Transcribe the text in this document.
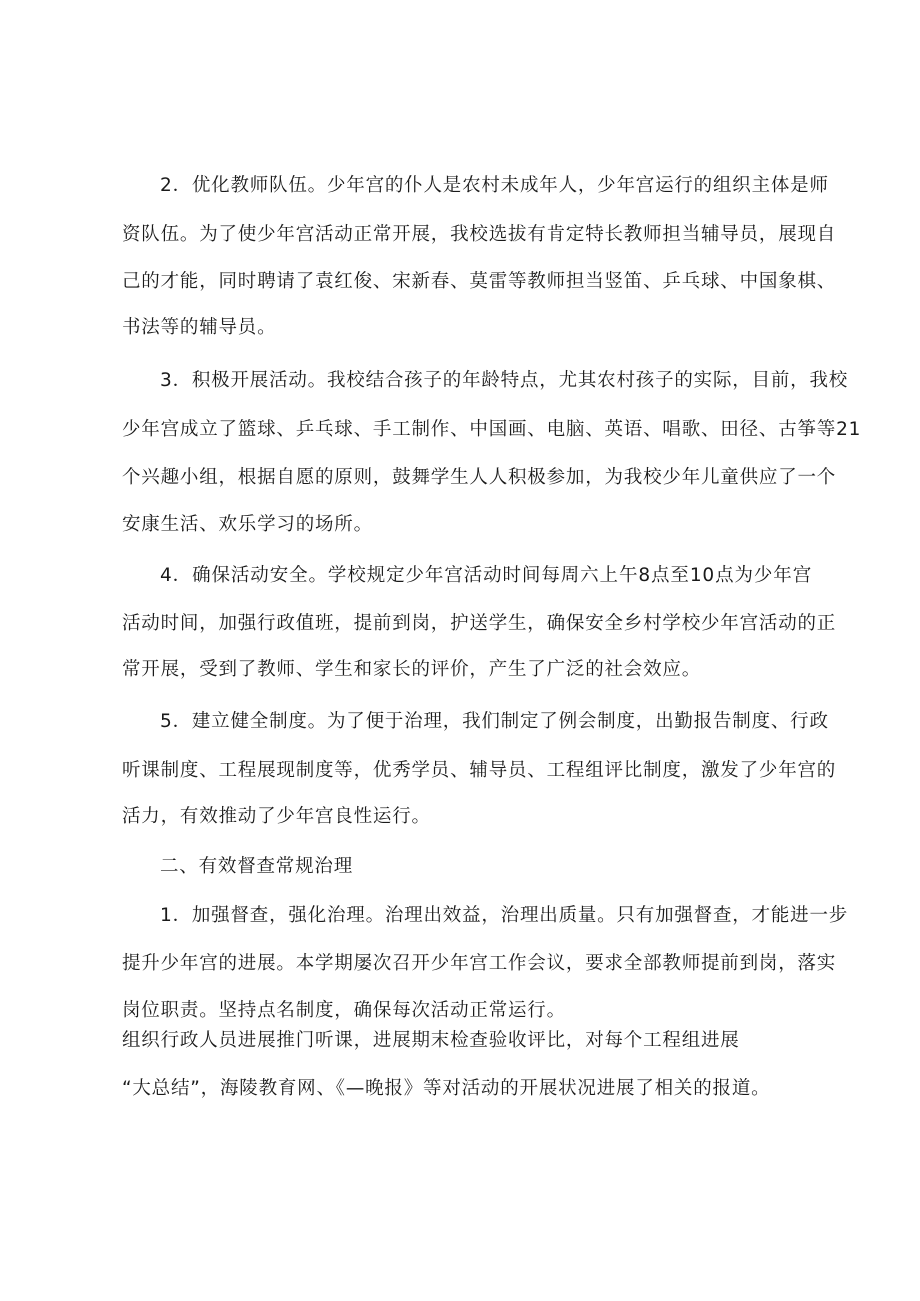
2．优化教师队伍。少年宫的仆人是农村未成年人，少年宫运行的组织主体是师
资队伍。为了使少年宫活动正常开展，我校选拔有肯定特长教师担当辅导员，展现自
己的才能，同时聘请了袁红俊、宋新春、莫雷等教师担当竖笛、乒乓球、中国象棋、
书法等的辅导员。
3．积极开展活动。我校结合孩子的年龄特点，尤其农村孩子的实际，目前，我校
少年宫成立了篮球、乒乓球、手工制作、中国画、电脑、英语、唱歌、田径、古筝等21
个兴趣小组，根据自愿的原则，鼓舞学生人人积极参加，为我校少年儿童供应了一个
安康生活、欢乐学习的场所。
4．确保活动安全。学校规定少年宫活动时间每周六上午8点至10点为少年宫
活动时间，加强行政值班，提前到岗，护送学生，确保安全乡村学校少年宫活动的正
常开展，受到了教师、学生和家长的评价，产生了广泛的社会效应。
5．建立健全制度。为了便于治理，我们制定了例会制度，出勤报告制度、行政
听课制度、工程展现制度等，优秀学员、辅导员、工程组评比制度，激发了少年宫的
活力，有效推动了少年宫良性运行。
二、有效督查常规治理
1．加强督查，强化治理。治理出效益，治理出质量。只有加强督查，才能进一步
提升少年宫的进展。本学期屡次召开少年宫工作会议，要求全部教师提前到岗，落实
岗位职责。坚持点名制度，确保每次活动正常运行。
组织行政人员进展推门听课，进展期末检查验收评比，对每个工程组进展
“大总结”，海陵教育网、《—晚报》等对活动的开展状况进展了相关的报道。
